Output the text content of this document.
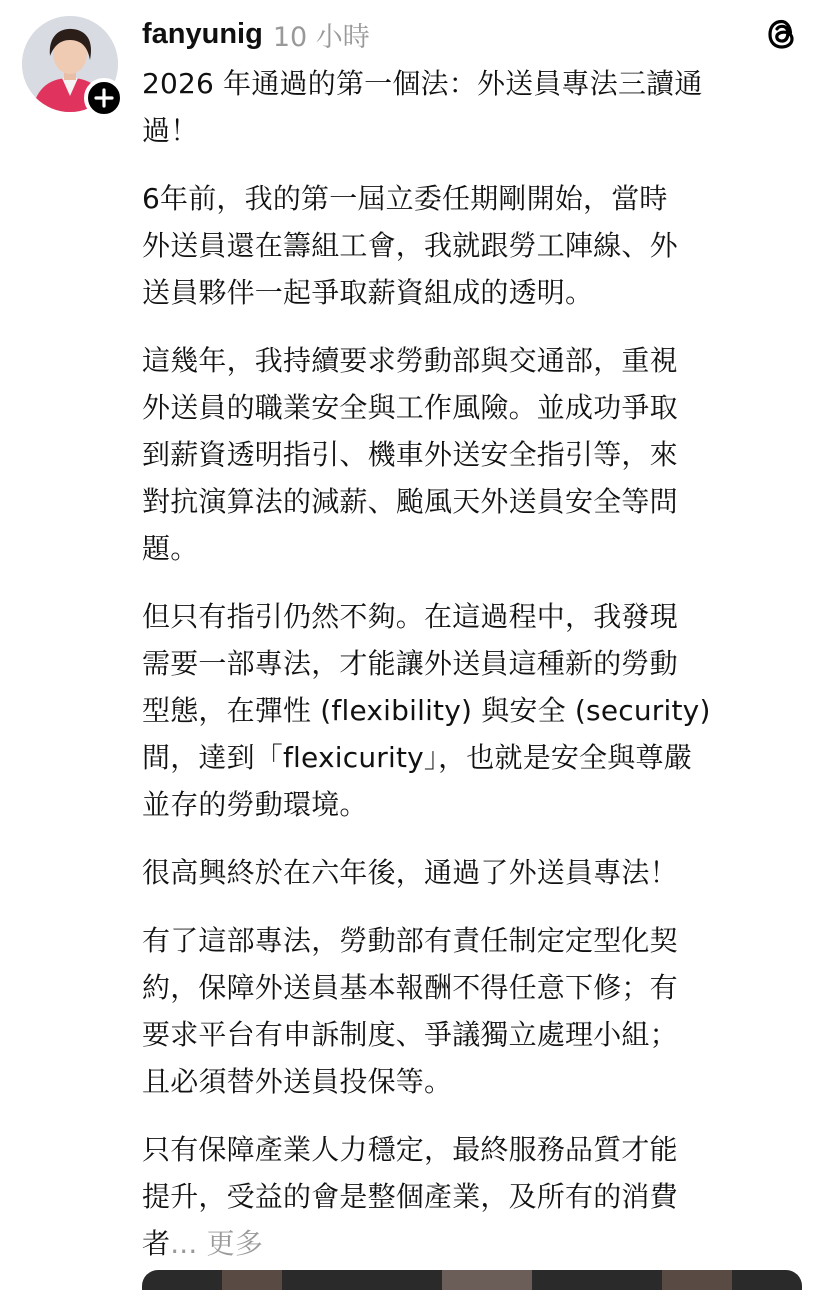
fanyunig 10 小時

2026 年通過的第一個法：外送員專法三讀通
過！

6年前，我的第一屆立委任期剛開始，當時
外送員還在籌組工會，我就跟勞工陣線、外
送員夥伴一起爭取薪資組成的透明。

這幾年，我持續要求勞動部與交通部，重視
外送員的職業安全與工作風險。並成功爭取
到薪資透明指引、機車外送安全指引等，來
對抗演算法的減薪、颱風天外送員安全等問
題。

但只有指引仍然不夠。在這過程中，我發現
需要一部專法，才能讓外送員這種新的勞動
型態，在彈性 (flexibility) 與安全 (security)
間，達到「flexicurity」，也就是安全與尊嚴
並存的勞動環境。

很高興終於在六年後，通過了外送員專法！

有了這部專法，勞動部有責任制定定型化契
約，保障外送員基本報酬不得任意下修；有
要求平台有申訴制度、爭議獨立處理小組；
且必須替外送員投保等。

只有保障產業人力穩定，最終服務品質才能
提升，受益的會是整個產業，及所有的消費
者... 更多
